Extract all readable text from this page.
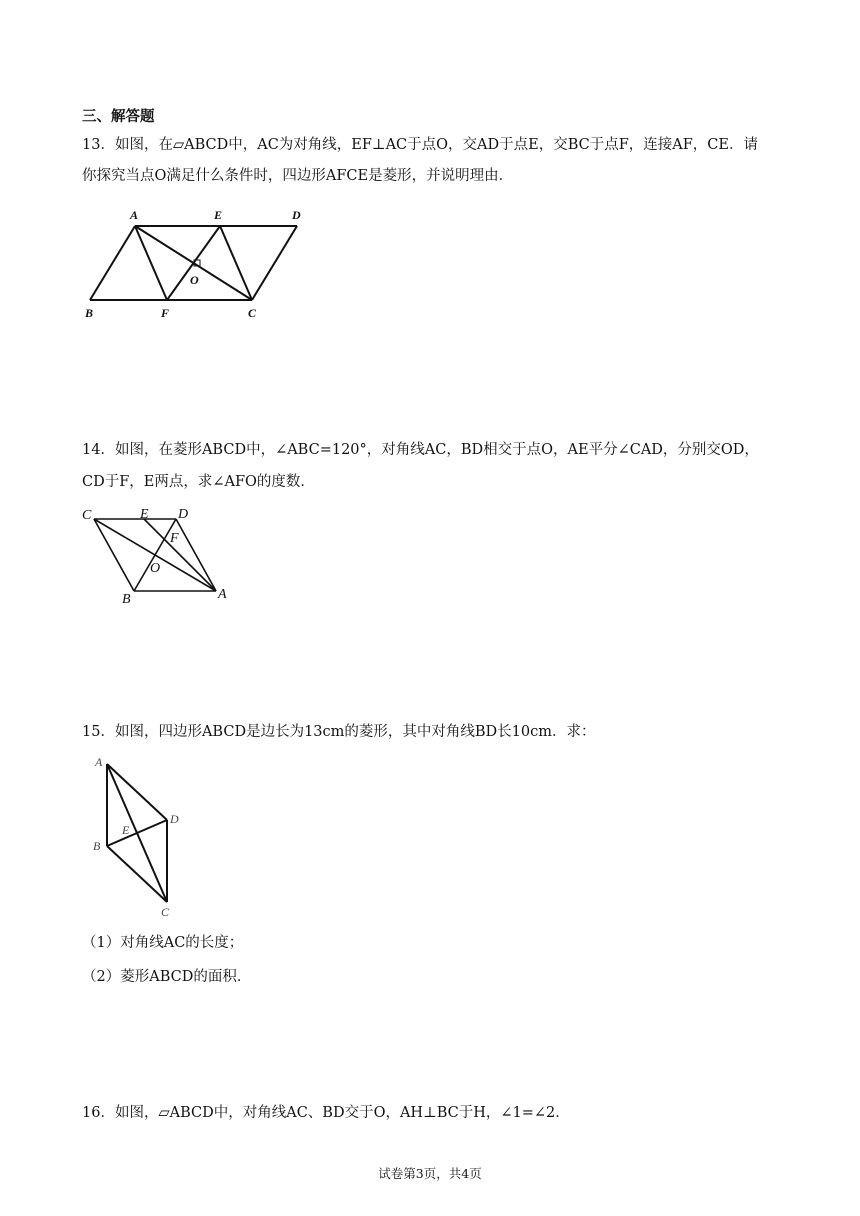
三、解答题
13．如图，在▱ABCD中，AC为对角线，EF⊥AC于点O，交AD于点E，交BC于点F，连接AF，CE．请
你探究当点O满足什么条件时，四边形AFCE是菱形，并说明理由．
A	E	D
O
B	F	C
14．如图，在菱形ABCD中，∠ABC=120°，对角线AC，BD相交于点O，AE平分∠CAD，分别交OD，
CD于F，E两点，求∠AFO的度数．
C	E D
F
O
B	A
15．如图，四边形ABCD是边长为13cm的菱形，其中对角线BD长10cm．求：
A
D
E
B
C
（1）对角线AC的长度；
（2）菱形ABCD的面积．
16．如图，▱ABCD中，对角线AC、BD交于O，AH⊥BC于H，∠1=∠2．
试卷第3页，共4页
